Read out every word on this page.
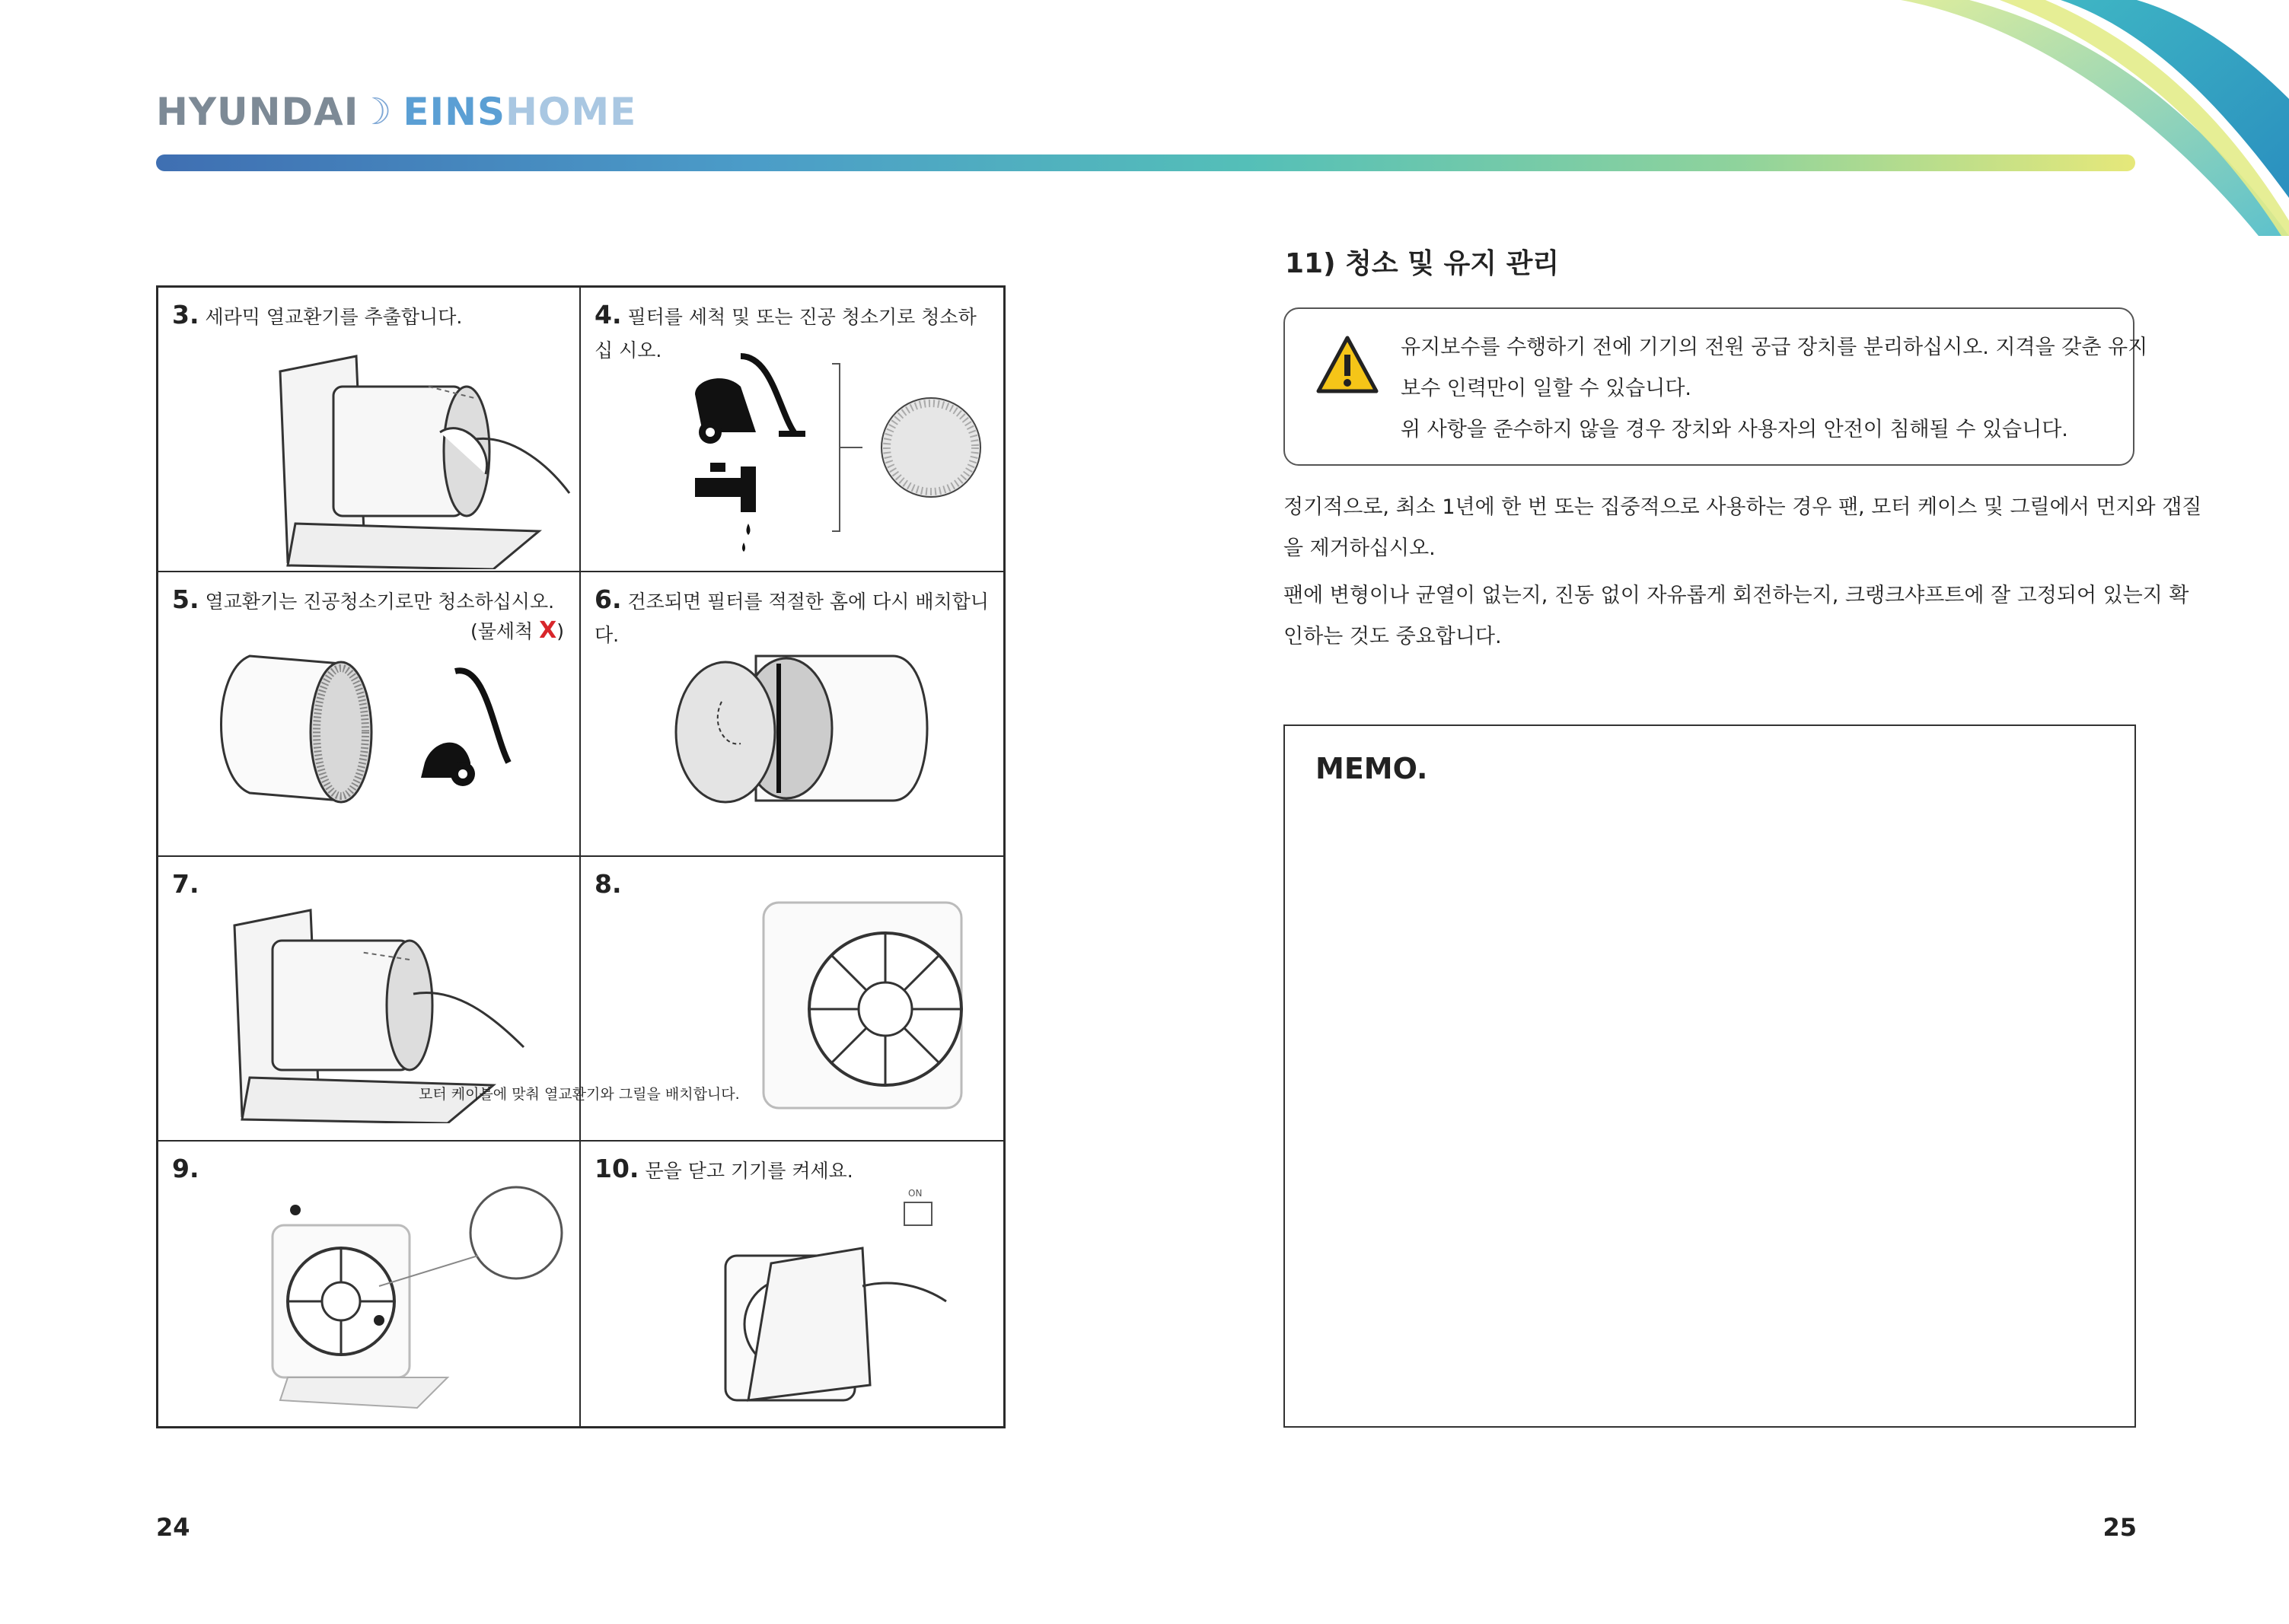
HYUNDAI ☽ EINS HOME
3. 세라믹 열교환기를 추출합니다.	4. 필터를 세척 및 또는 진공 청소기로 청소하십 시오.
5. 열교환기는 진공청소기로만 청소하십시오.
(물세척 X)
6. 건조되면 필터를 적절한 홈에 다시 배치합니다.
7.	8.
9.	10. 문을 닫고 기기를 켜세요.
ON
모터 케이블에 맞춰 열교환기와 그릴을 배치합니다.
11) 청소 및 유지 관리
유지보수를 수행하기 전에 기기의 전원 공급 장치를 분리하십시오. 지격을 갖춘 유지
보수 인력만이 일할 수 있습니다.
위 사항을 준수하지 않을 경우 장치와 사용자의 안전이 침해될 수 있습니다.
정기적으로, 최소 1년에 한 번 또는 집중적으로 사용하는 경우 팬, 모터 케이스 및 그릴에서 먼지와 갭질
을 제거하십시오.
팬에 변형이나 균열이 없는지, 진동 없이 자유롭게 회전하는지, 크랭크샤프트에 잘 고정되어 있는지 확
인하는 것도 중요합니다.
MEMO.
24	25
